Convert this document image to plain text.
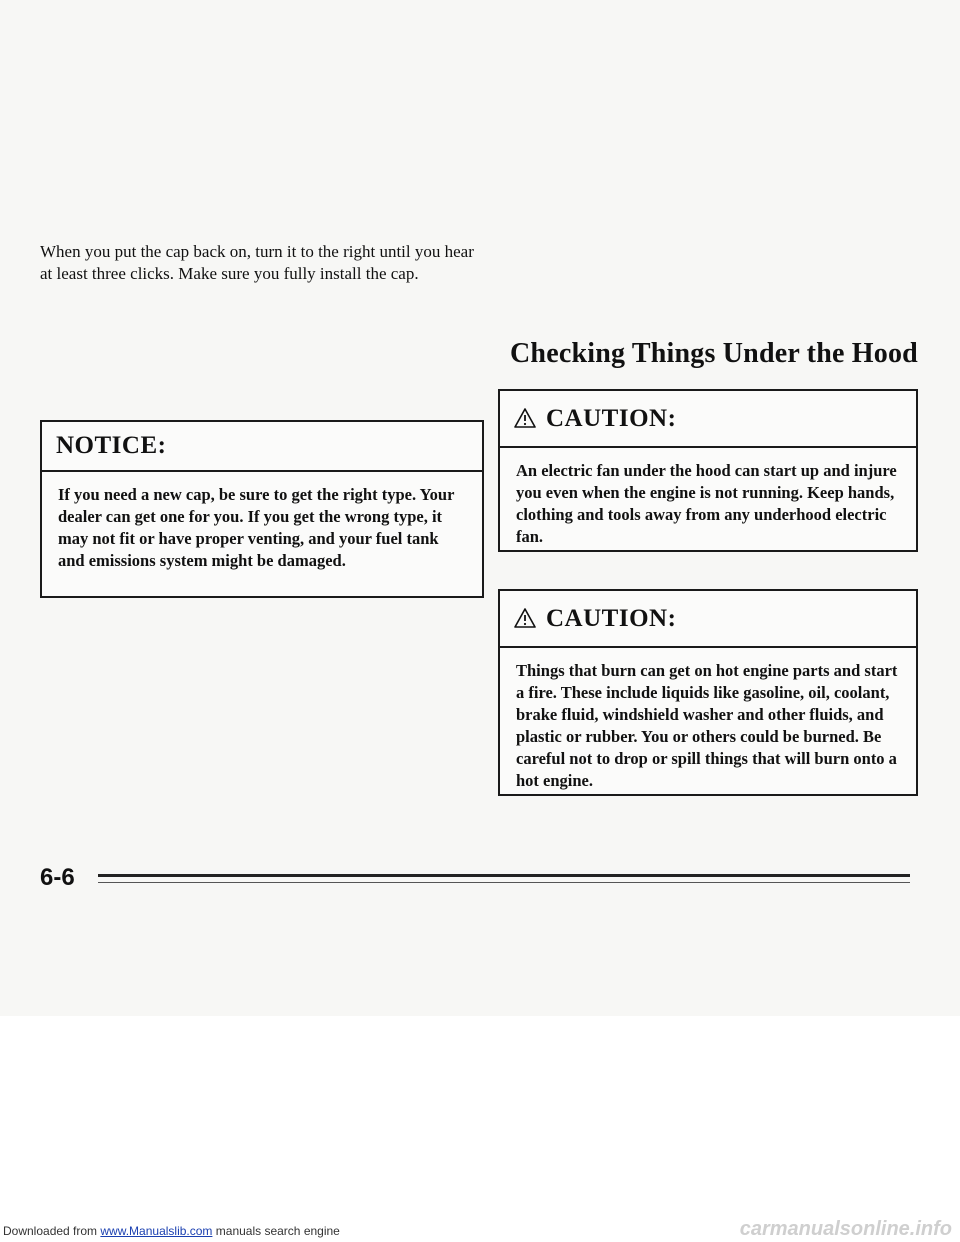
When you put the cap back on, turn it to the right until you hear at least three clicks. Make sure you fully install the cap.

NOTICE:
If you need a new cap, be sure to get the right type. Your dealer can get one for you. If you get the wrong type, it may not fit or have proper venting, and your fuel tank and emissions system might be damaged.
Checking Things Under the Hood
CAUTION:
An electric fan under the hood can start up and injure you even when the engine is not running. Keep hands, clothing and tools away from any underhood electric fan.
CAUTION:
Things that burn can get on hot engine parts and start a fire. These include liquids like gasoline, oil, coolant, brake fluid, windshield washer and other fluids, and plastic or rubber. You or others could be burned. Be careful not to drop or spill things that will burn onto a hot engine.
6-6
Downloaded from www.Manualslib.com manuals search engine	carmanualsonline.info
